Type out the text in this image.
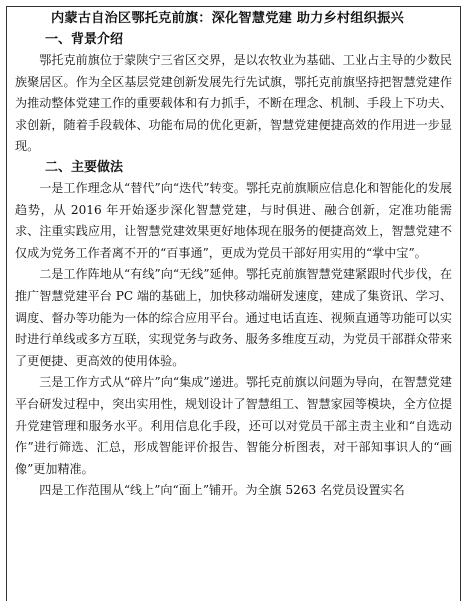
内蒙古自治区鄂托克前旗：深化智慧党建 助力乡村组织振兴
一、背景介绍

鄂托克前旗位于蒙陕宁三省区交界，是以农牧业为基础、工业占主导的少数民族聚居区。作为全区基层党建创新发展先行先试旗，鄂托克前旗坚持把智慧党建作为推动整体党建工作的重要载体和有力抓手，不断在理念、机制、手段上下功夫、求创新，随着手段载体、功能布局的优化更新，智慧党建便捷高效的作用进一步显现。

二、主要做法

一是工作理念从“替代”向“迭代”转变。鄂托克前旗顺应信息化和智能化的发展趋势，从 2016 年开始逐步深化智慧党建，与时俱进、融合创新，定准功能需求、注重实践应用，让智慧党建效果更好地体现在服务的便捷高效上，智慧党建不仅成为党务工作者离不开的“百事通”，更成为党员干部好用实用的“掌中宝”。

二是工作阵地从“有线”向“无线”延伸。鄂托克前旗智慧党建紧跟时代步伐，在推广智慧党建平台 PC 端的基础上，加快移动端研发速度，建成了集资讯、学习、调度、督办等功能为一体的综合应用平台。通过电话直连、视频直通等功能可以实时进行单线或多方互联，实现党务与政务、服务多维度互动，为党员干部群众带来了更便捷、更高效的使用体验。

三是工作方式从“碎片”向“集成”递进。鄂托克前旗以问题为导向，在智慧党建平台研发过程中，突出实用性，规划设计了智慧组工、智慧家园等模块，全方位提升党建管理和服务水平。利用信息化手段，还可以对党员干部主责主业和“自选动作”进行筛选、汇总，形成智能评价报告、智能分析图表，对干部知事识人的“画像”更加精准。

四是工作范围从“线上”向“面上”铺开。为全旗 5263 名党员设置实名
